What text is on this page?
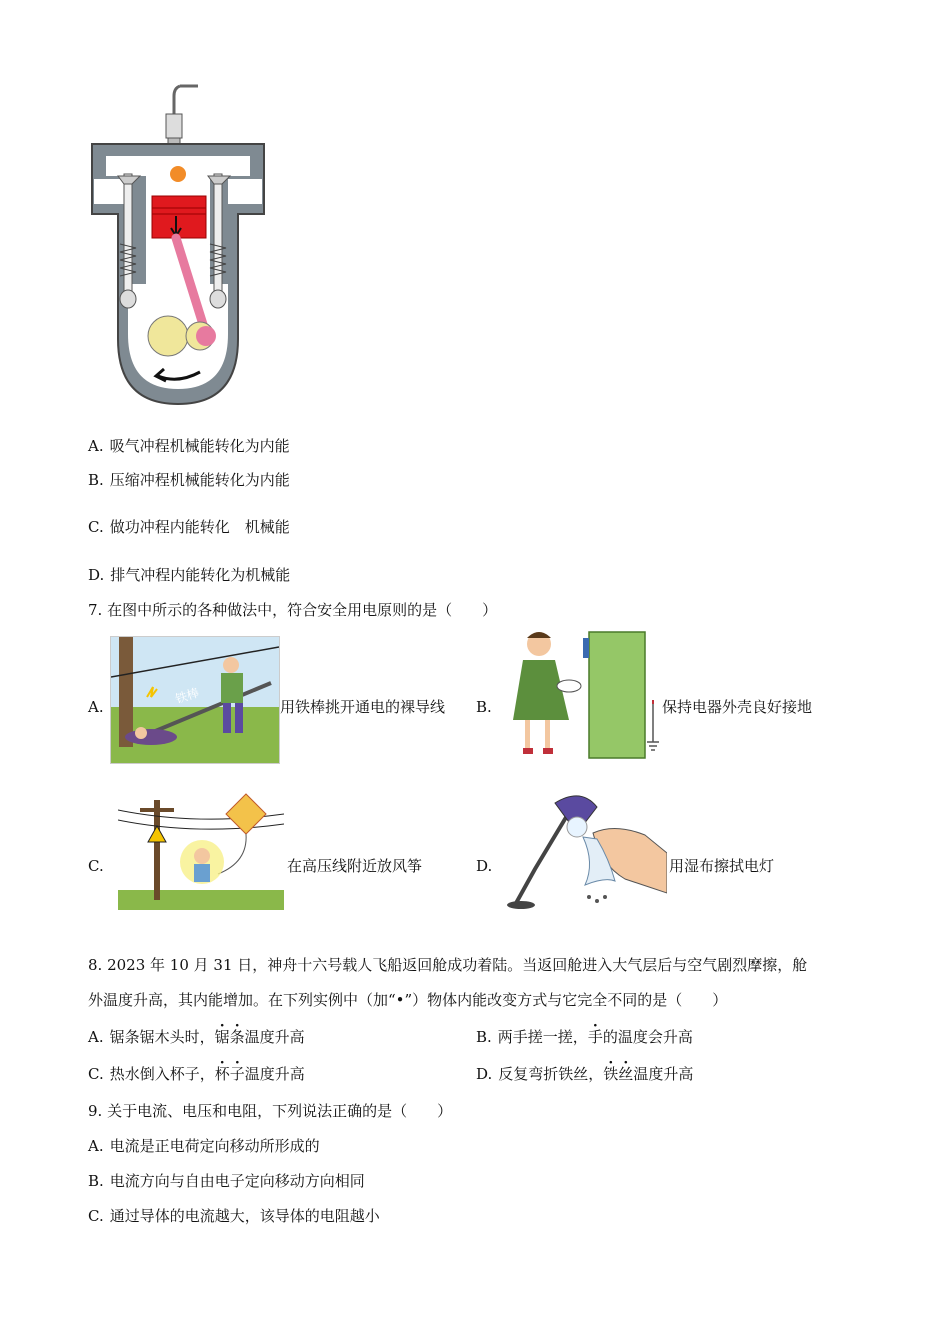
A. 吸气冲程机械能转化为内能
B. 压缩冲程机械能转化为内能
C. 做功冲程内能转化　机械能
D. 排气冲程内能转化为机械能
7. 在图中所示的各种做法中，符合安全用电原则的是（　　）
A.
铁棒
用铁棒挑开通电的裸导线 B.	保持电器外壳良好接地
C.	在高压线附近放风筝	D.	用湿布擦拭电灯
8. 2023 年 10 月 31 日，神舟十六号载人飞船返回舱成功着陆。当返回舱进入大气层后与空气剧烈摩擦，舱
外温度升高，其内能增加。在下列实例中（加“•”）物体内能改变方式与它完全不同的是（　　）
A. 锯条锯木头时，锯条温度升高	B. 两手搓一搓，手的温度会升高
C. 热水倒入杯子，杯子温度升高	D. 反复弯折铁丝，铁丝温度升高
9. 关于电流、电压和电阻，下列说法正确的是（　　）
A. 电流是正电荷定向移动所形成的
B. 电流方向与自由电子定向移动方向相同
C. 通过导体的电流越大，该导体的电阻越小
